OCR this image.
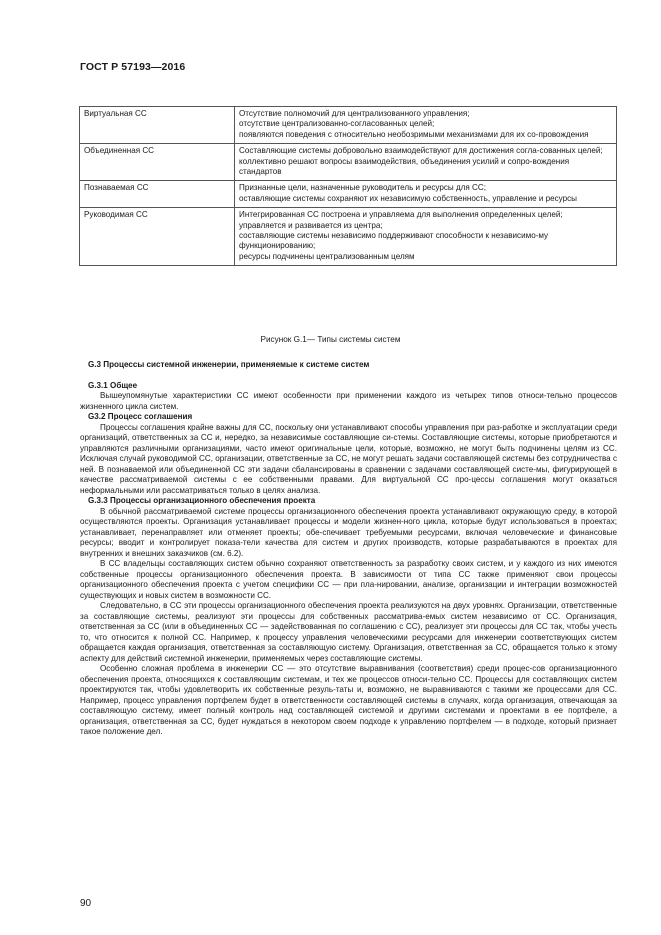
ГОСТ Р 57193—2016
Виртуальная СС	Отсутствие полномочий для централизованного управления;
отсутствие централизованно-согласованных целей;
появляются поведения с относительно необозримыми механизмами для их со-провождения
Объединенная СС	Составляющие системы добровольно взаимодействуют для достижения согла-сованных целей;
коллективно решают вопросы взаимодействия, объединения усилий и сопро-вождения стандартов
Познаваемая СС	Признанные цели, назначенные руководитель и ресурсы для СС;
оставляющие системы сохраняют их независимую собственность, управление и ресурсы
Руководимая СС	Интегрированная СС построена и управляема для выполнения определенных целей;
управляется и развивается из центра;
составляющие системы независимо поддерживают способности к независимо-му функционированию;
ресурсы подчинены централизованным целям
Рисунок G.1— Типы системы систем
G.3 Процессы системной инженерии, применяемые к системе систем
G.3.1 Общее

Вышеупомянутые характеристики СС имеют особенности при применении каждого из четырех типов относи-тельно процессов жизненного цикла систем.

G3.2 Процесс соглашения

Процессы соглашения крайне важны для СС, поскольку они устанавливают способы управления при раз-работке и эксплуатации среди организаций, ответственных за СС и, нередко, за независимые составляющие си-стемы. Составляющие системы, которые приобретаются и управляются различными организациями, часто имеют оригинальные цели, которые, возможно, не могут быть подчинены целям из СС. Исключая случай руководимой СС, организации, ответственные за СС, не могут решать задачи составляющей системы без сотрудничества с ней. В познаваемой или объединенной СС эти задачи сбалансированы в сравнении с задачами составляющей систе-мы, фигурирующей в качестве рассматриваемой системы с ее собственными правами. Для виртуальной СС про-цессы соглашения могут оказаться неформальными или рассматриваться только в целях анализа.

G.3.3 Процессы организационного обеспечения проекта

В обычной рассматриваемой системе процессы организационного обеспечения проекта устанавливают окружающую среду, в которой осуществляются проекты. Организация устанавливает процессы и модели жизнен-ного цикла, которые будут использоваться в проектах; устанавливает, перенаправляет или отменяет проекты; обе-спечивает требуемыми ресурсами, включая человеческие и финансовые ресурсы; вводит и контролирует показа-тели качества для систем и других производств, которые разрабатываются в проектах для внутренних и внешних заказчиков (см. 6.2).

В СС владельцы составляющих систем обычно сохраняют ответственность за разработку своих систем, и у каждого из них имеются собственные процессы организационного обеспечения проекта. В зависимости от типа СС также применяют свои процессы организационного обеспечения проекта с учетом специфики СС — при пла-нировании, анализе, организации и интеграции возможностей существующих и новых систем в возможности СС.

Следовательно, в СС эти процессы организационного обеспечения проекта реализуются на двух уровнях. Организации, ответственные за составляющие системы, реализуют эти процессы для собственных рассматрива-емых систем независимо от СС. Организация, ответственная за СС (или в объединенных СС — задействованная по соглашению с СС), реализует эти процессы для СС так, чтобы учесть то, что относится к полной СС. Например, к процессу управления человеческими ресурсами для инженерии соответствующих систем обращается каждая организация, ответственная за составляющую систему. Организация, ответственная за СС, обращается только к этому аспекту для действий системной инженерии, применяемых через составляющие системы.

Особенно сложная проблема в инженерии СС — это отсутствие выравнивания (соответствия) среди процес-сов организационного обеспечения проекта, относящихся к составляющим системам, и тех же процессов относи-тельно СС. Процессы для составляющих систем проектируются так, чтобы удовлетворить их собственные резуль-таты и, возможно, не выравниваются с такими же процессами для СС. Например, процесс управления портфелем будет в ответственности составляющей системы в случаях, когда организация, отвечающая за составляющую систему, имеет полный контроль над составляющей системой и другими системами и проектами в ее портфеле, а организация, ответственная за СС, будет нуждаться в некотором своем подходе к управлению портфелем — в подходе, который признает такое положение дел.

90
